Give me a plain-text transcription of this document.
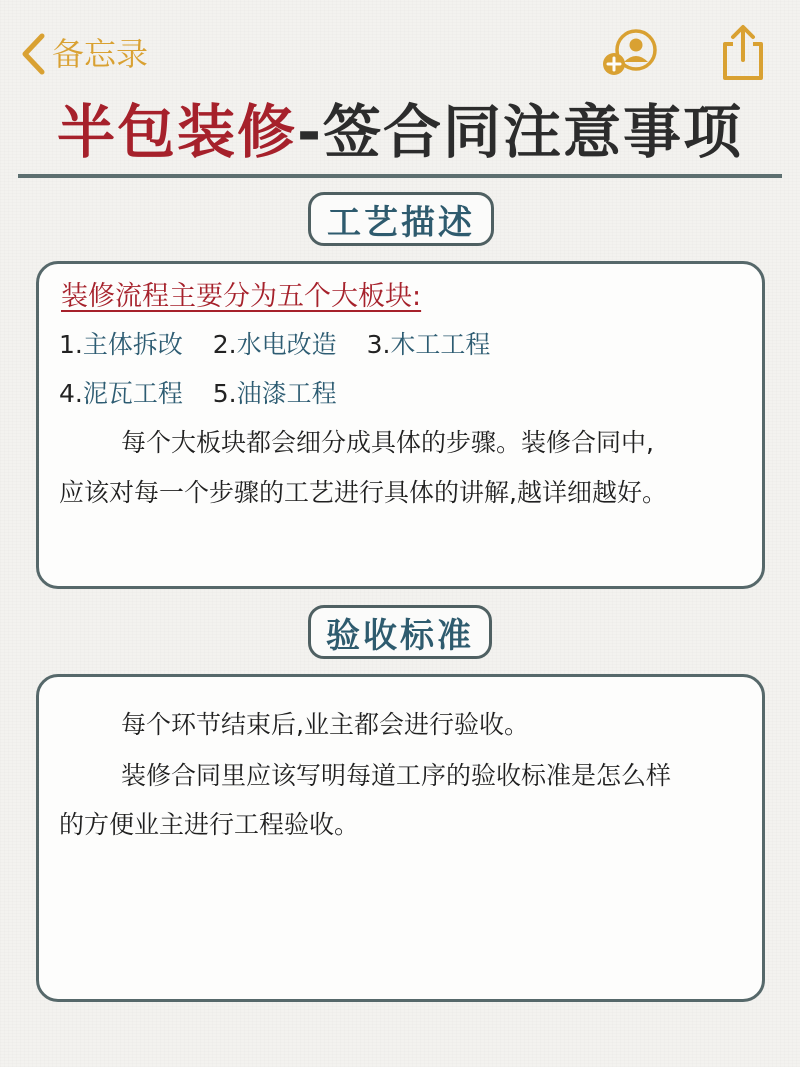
备忘录
半包装修-签合同注意事项
工艺描述
装修流程主要分为五个大板块:
1.主体拆改 2.水电改造 3.木工工程
4.泥瓦工程 5.油漆工程
每个大板块都会细分成具体的步骤。装修合同中,
应该对每一个步骤的工艺进行具体的讲解,越详细越好。
验收标准
每个环节结束后,业主都会进行验收。
装修合同里应该写明每道工序的验收标准是怎么样
的方便业主进行工程验收。
